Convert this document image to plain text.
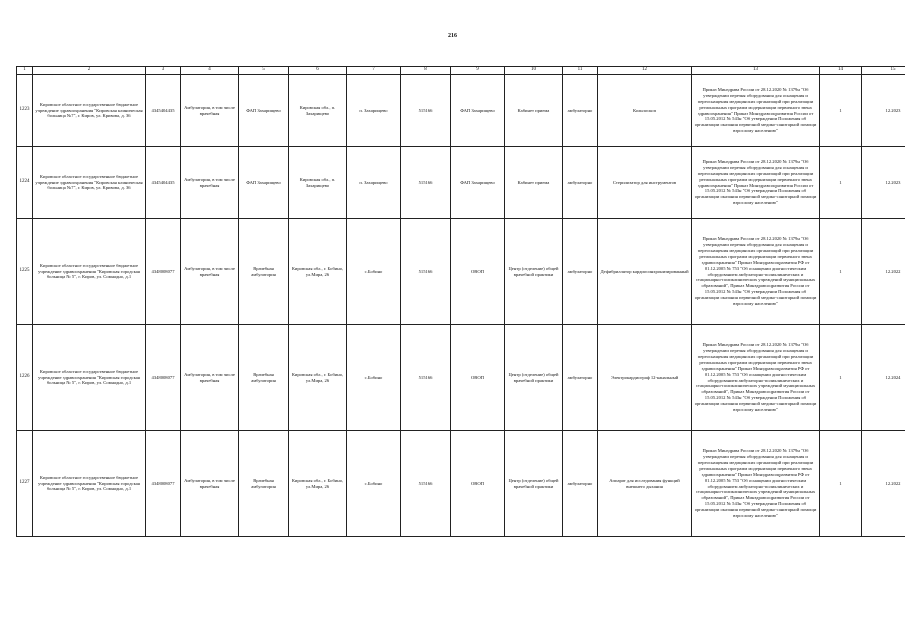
216
1	2	3	4	5	6	7	8	9	10	11	12	13	14	15
1223	Кировское областное государственное бюджетное учреждение здравоохранения "Кировская клиническая больница №7", г. Киров, ул. Кривова, д. 36	4345404435	Амбулатория, в том числе врачебная	ФАП Захарищево	Кировская обл., п. Захарищево	п. Захарищево	515166	ФАП Захарищево	Кабинет приема	амбулаторно	Кольпоскоп	Приказ Минздрава России от 28.12.2020 № 1379н "Об утверждении перечня оборудования для оснащения и переоснащения медицинских организаций при реализации региональных программ модернизации первичного звена здравоохранения" Приказ Минздравсоцразвития России от 15.05.2012 № 543н "Об утверждении Положения об организации оказания первичной медико-санитарной помощи взрослому населению"	1	12.2023
1224	Кировское областное государственное бюджетное учреждение здравоохранения "Кировская клиническая больница №7", г. Киров, ул. Кривова, д. 36	4345404435	Амбулатория, в том числе врачебная	ФАП Захарищево	Кировская обл., п. Захарищево	п. Захарищево	515166	ФАП Захарищево	Кабинет приема	амбулаторно	Стерилизатор для инструментов	Приказ Минздрава России от 28.12.2020 № 1379н "Об утверждении перечня оборудования для оснащения и переоснащения медицинских организаций при реализации региональных программ модернизации первичного звена здравоохранения" Приказ Минздравсоцразвития России от 15.05.2012 № 543н "Об утверждении Положения об организации оказания первичной медико-санитарной помощи взрослому населению"	1	12.2023
1225	Кировское областное государственное бюджетное учреждение здравоохранения "Кировская городская больница № 5", г. Киров, ул. Сомнадно, д.1	4348008077	Амбулатория, в том числе врачебная	Врачебная амбулатория	Кировская обл., г. Бобино, ул.Мира, 26	с.Бобино	515166	ОВОП	Центр (отделение) общей врачебной практики	амбулаторно	Дефибриллятор кардиосинхронизированный	Приказ Минздрава России от 28.12.2020 № 1379н "Об утверждении перечня оборудования для оснащения и переоснащения медицинских организаций при реализации региональных программ модернизации первичного звена здравоохранения" Приказ Минздравсоцразвития РФ от 01.12.2005 № 753 "Об оснащении диагностическим оборудованием амбулаторно-поликлинических и стационарно-поликлинических учреждений муниципальных образований", Приказ Минздравсоцразвития России от 15.05.2012 № 543н "Об утверждении Положения об организации оказания первичной медико-санитарной помощи взрослому населению"	1	12.2022
1226	Кировское областное государственное бюджетное учреждение здравоохранения "Кировская городская больница № 5", г. Киров, ул. Сомнадно, д.1	4348008077	Амбулатория, в том числе врачебная	Врачебная амбулатория	Кировская обл., г. Бобино, ул.Мира, 26	с.Бобино	515166	ОВОП	Центр (отделение) общей врачебной практики	амбулаторно	Электрокардиограф 12-канальный	Приказ Минздрава России от 28.12.2020 № 1379н "Об утверждении перечня оборудования для оснащения и переоснащения медицинских организаций при реализации региональных программ модернизации первичного звена здравоохранения" Приказ Минздравсоцразвития РФ от 01.12.2005 № 753 "Об оснащении диагностическим оборудованием амбулаторно-поликлинических и стационарно-поликлинических учреждений муниципальных образований", Приказ Минздравсоцразвития России от 15.05.2012 № 543н "Об утверждении Положения об организации оказания первичной медико-санитарной помощи взрослому населению"	1	12.2024
1227	Кировское областное государственное бюджетное учреждение здравоохранения "Кировская городская больница № 5", г. Киров, ул. Сомнадно, д.1	4348008077	Амбулатория, в том числе врачебная	Врачебная амбулатория	Кировская обл., г. Бобино, ул.Мира, 26	с.Бобино	515166	ОВОП	Центр (отделение) общей врачебной практики	амбулаторно	Аппарат для исследования функций внешнего дыхания	Приказ Минздрава России от 28.12.2020 № 1379н "Об утверждении перечня оборудования для оснащения и переоснащения медицинских организаций при реализации региональных программ модернизации первичного звена здравоохранения" Приказ Минздравсоцразвития РФ от 01.12.2005 № 753 "Об оснащении диагностическим оборудованием амбулаторно-поликлинических и стационарно-поликлинических учреждений муниципальных образований", Приказ Минздравсоцразвития России от 15.05.2012 № 543н "Об утверждении Положения об организации оказания первичной медико-санитарной помощи взрослому населению"	1	12.2022
